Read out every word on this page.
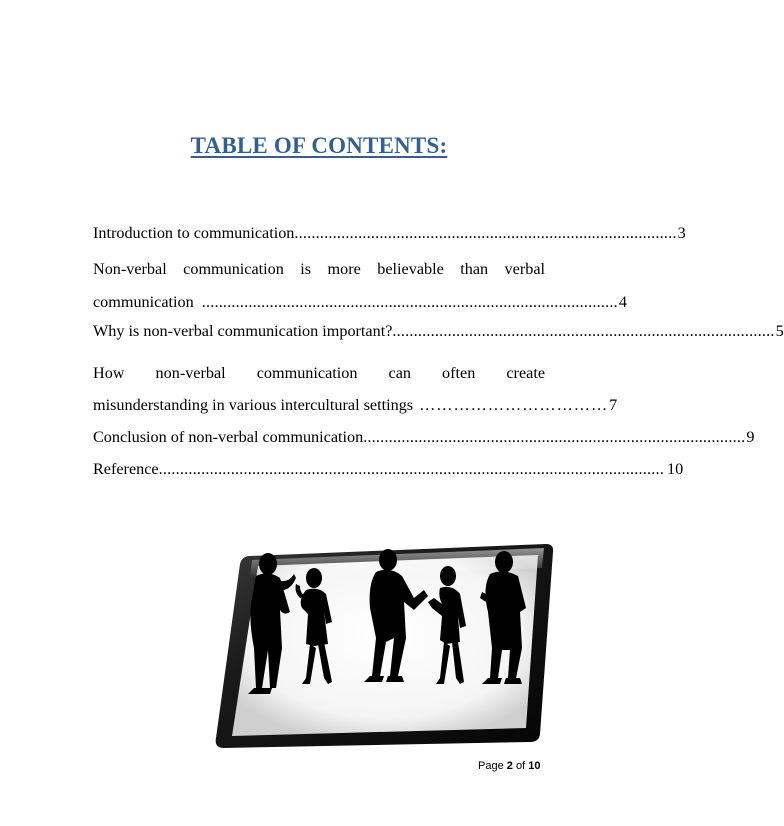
TABLE OF CONTENTS:
Introduction to communication .......................................................................................... 3
Non-verbal communication is more believable than verbal
communication .................................................................................................. 4
Why is non-verbal communication important? .......................................................................................... 5
How non-verbal communication can often create
misunderstanding in various intercultural settings …………………………… 7
Conclusion of non-verbal communication .......................................................................................... 9
Reference ....................................................................................................................... 10
Page 2 of 10
